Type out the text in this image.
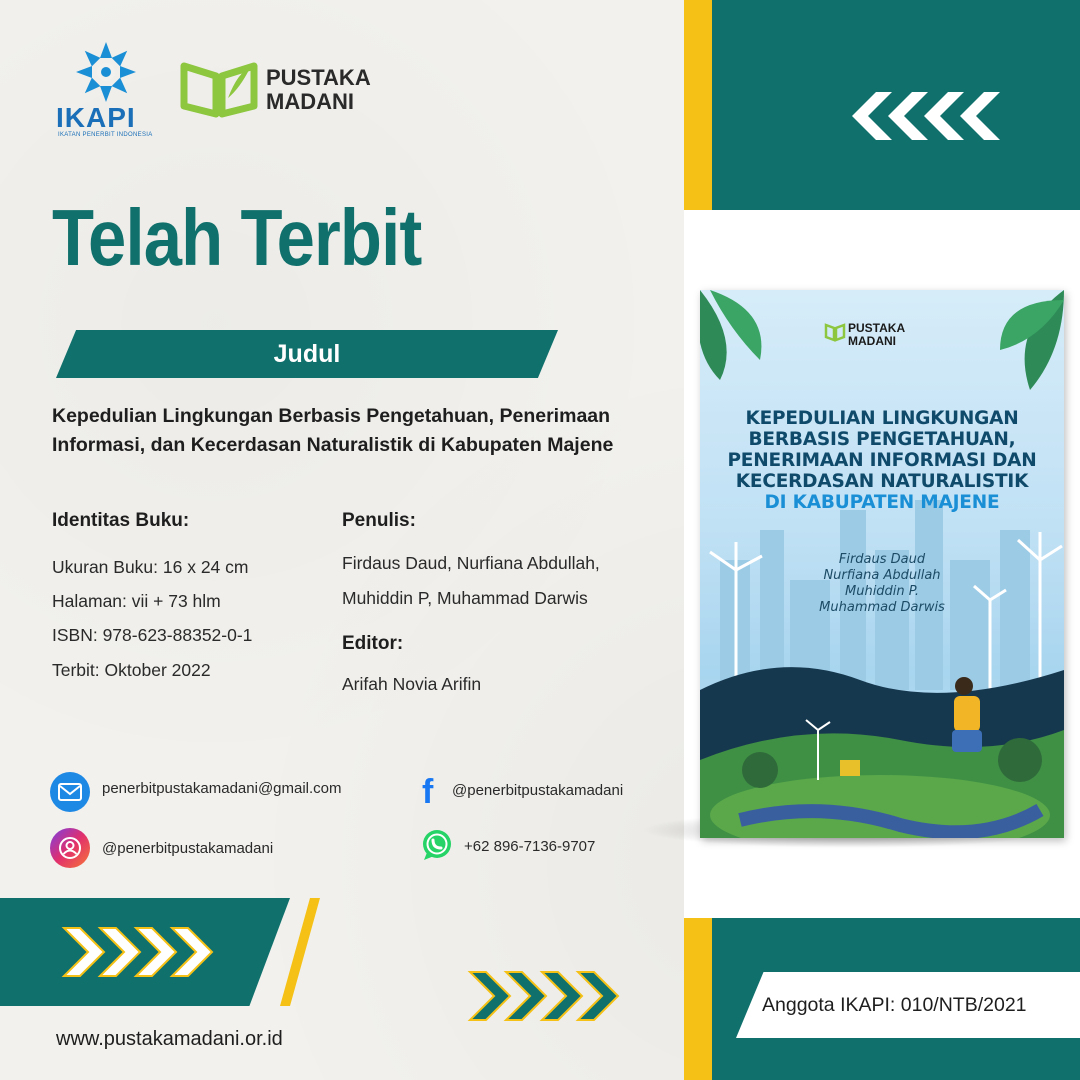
IKAPI
IKATAN PENERBIT INDONESIA
PUSTAKA
MADANI
Telah Terbit
Judul
Kepedulian Lingkungan Berbasis Pengetahuan, Penerimaan Informasi, dan Kecerdasan Naturalistik di Kabupaten Majene
Identitas Buku:
Ukuran Buku: 16 x 24 cm
Halaman: vii + 73 hlm
ISBN: 978-623-88352-0-1
Terbit: Oktober 2022
Penulis:
Firdaus Daud, Nurfiana Abdullah,
Muhiddin P, Muhammad Darwis
Editor:
Arifah Novia Arifin
penerbitpustakamadani@gmail.com
@penerbitpustakamadani
f	@penerbitpustakamadani
+62 896-7136-9707
Anggota IKAPI: 010/NTB/2021
www.pustakamadani.or.id
PUSTAKA
MADANI
KEPEDULIAN LINGKUNGAN
BERBASIS PENGETAHUAN,
PENERIMAAN INFORMASI DAN
KECERDASAN NATURALISTIK
DI KABUPATEN MAJENE
Firdaus Daud
Nurfiana Abdullah
Muhiddin P.
Muhammad Darwis
